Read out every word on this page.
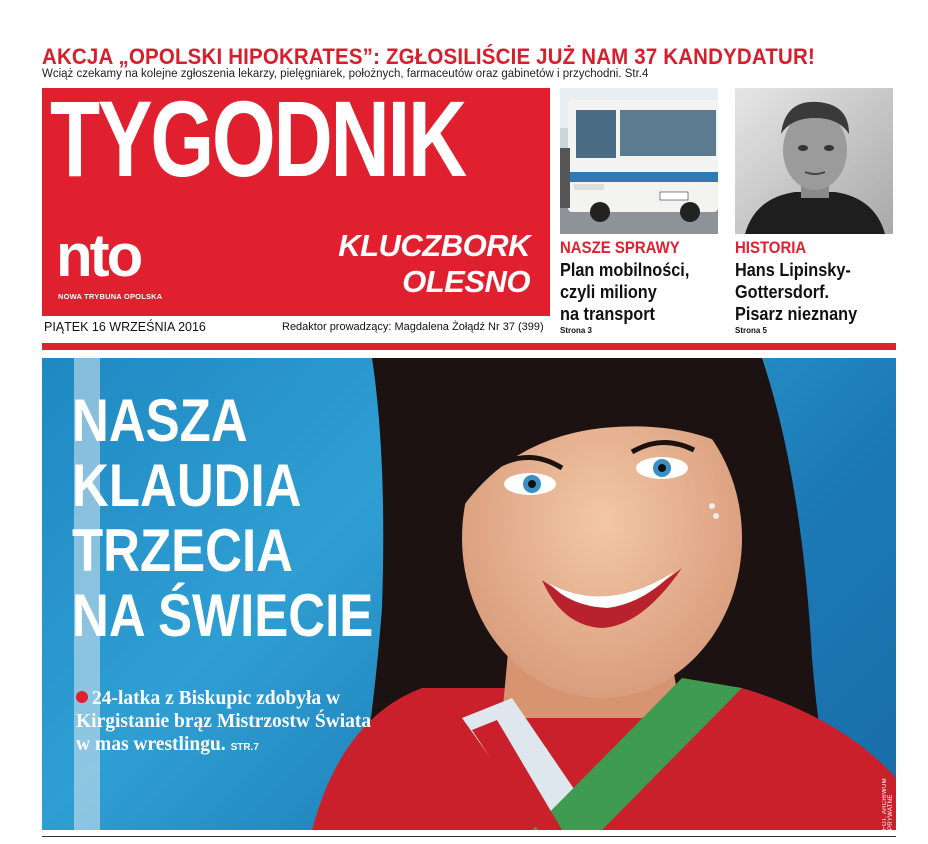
AKCJA „OPOLSKI HIPOKRATES”: ZGŁOSILIŚCIE JUŻ NAM 37 KANDYDATUR!
Wciąż czekamy na kolejne zgłoszenia lekarzy, pielęgniarek, położnych, farmaceutów oraz gabinetów i przychodni. Str.4
TYGODNIK
nto
NOWA TRYBUNA OPOLSKA
KLUCZBORK
OLESNO
PIĄTEK 16 WRZEŚNIA 2016	Redaktor prowadzący: Magdalena Żołądź Nr 37 (399)
NASZE SPRAWY
Plan mobilności,
czyli miliony
na transport
Strona 3
HISTORIA
Hans Lipinsky-
Gottersdorf.
Pisarz nieznany
Strona 5
NASZA
KLAUDIA
TRZECIA
NA ŚWIECIE
24-latka z Biskupic zdobyła w Kirgistanie brąz Mistrzostw Świata w mas wrestlingu. STR.7
FOT. ARCHIWUM PRYWATNE
